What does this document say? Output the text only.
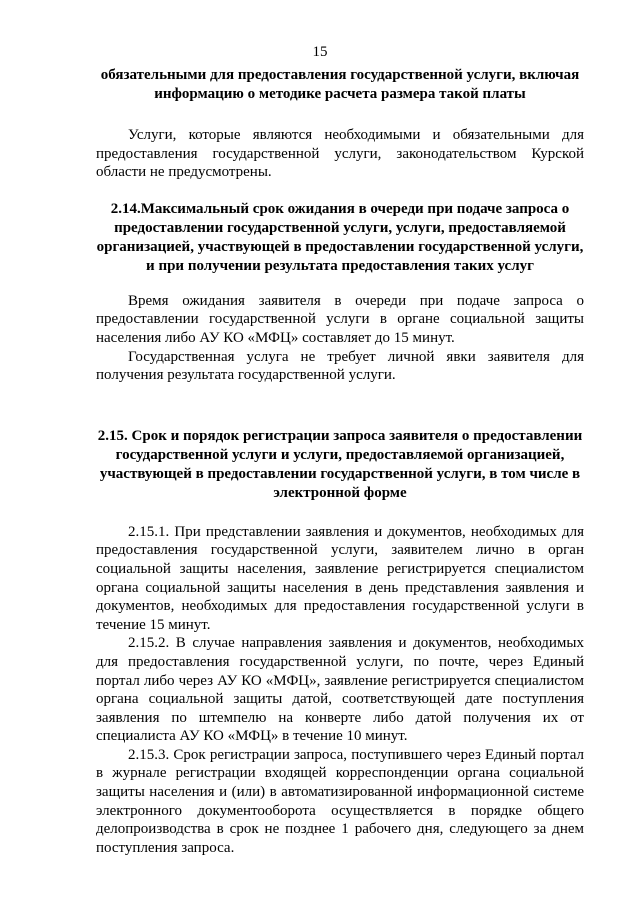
15

обязательными для предоставления государственной услуги, включая информацию о методике расчета размера такой платы

Услуги, которые являются необходимыми и обязательными для предоставления государственной услуги, законодательством Курской области не предусмотрены.

2.14.Максимальный срок ожидания в очереди при подаче запроса о предоставлении государственной услуги, услуги, предоставляемой организацией, участвующей в предоставлении государственной услуги, и при получении результата предоставления таких услуг

Время ожидания заявителя в очереди при подаче запроса о предоставлении государственной услуги в органе социальной защиты населения либо АУ КО «МФЦ» составляет до 15 минут.

Государственная услуга не требует личной явки заявителя для получения результата государственной услуги.

2.15. Срок и порядок регистрации запроса заявителя о предоставлении государственной услуги и услуги, предоставляемой организацией, участвующей в предоставлении государственной услуги, в том числе в электронной форме

2.15.1. При представлении заявления и документов, необходимых для предоставления государственной услуги, заявителем лично в орган социальной защиты населения, заявление регистрируется специалистом органа социальной защиты населения в день представления заявления и документов, необходимых для предоставления государственной услуги в течение 15 минут.

2.15.2. В случае направления заявления и документов, необходимых для предоставления государственной услуги, по почте, через Единый портал либо через АУ КО «МФЦ», заявление регистрируется специалистом органа социальной защиты датой, соответствующей дате поступления заявления по штемпелю на конверте либо датой получения их от специалиста АУ КО «МФЦ» в течение 10 минут.

2.15.3. Срок регистрации запроса, поступившего через Единый портал в журнале регистрации входящей корреспонденции органа социальной защиты населения и (или) в автоматизированной информационной системе электронного документооборота осуществляется в порядке общего делопроизводства в срок не позднее 1 рабочего дня, следующего за днем поступления запроса.
